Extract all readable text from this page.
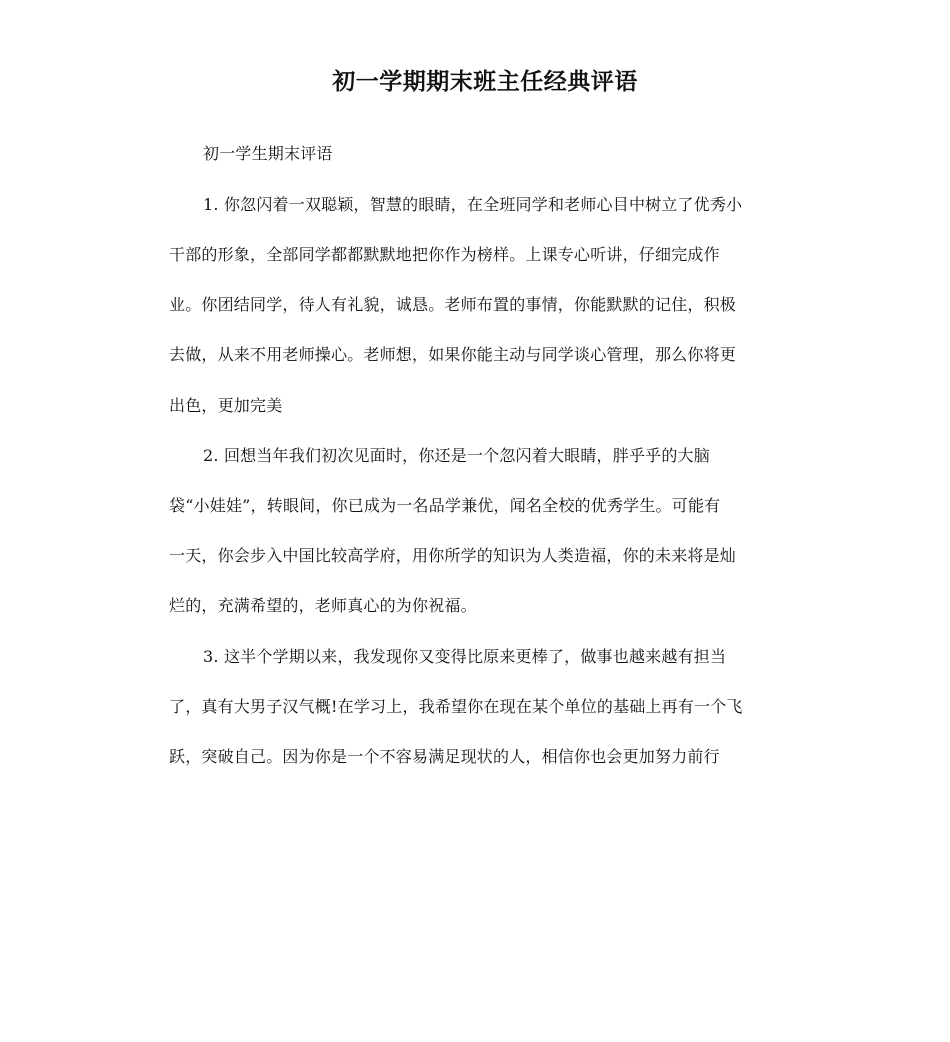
初一学期期末班主任经典评语
初一学生期末评语
1. 你忽闪着一双聪颖，智慧的眼睛，在全班同学和老师心目中树立了优秀小
干部的形象，全部同学都都默默地把你作为榜样。上课专心听讲，仔细完成作
业。你团结同学，待人有礼貌，诚恳。老师布置的事情，你能默默的记住，积极
去做，从来不用老师操心。老师想，如果你能主动与同学谈心管理，那么你将更
出色，更加完美
2. 回想当年我们初次见面时，你还是一个忽闪着大眼睛，胖乎乎的大脑
袋“小娃娃”，转眼间，你已成为一名品学兼优，闻名全校的优秀学生。可能有
一天，你会步入中国比较高学府，用你所学的知识为人类造福，你的未来将是灿
烂的，充满希望的，老师真心的为你祝福。
3. 这半个学期以来，我发现你又变得比原来更棒了，做事也越来越有担当
了，真有大男子汉气概!在学习上，我希望你在现在某个单位的基础上再有一个飞
跃，突破自己。因为你是一个不容易满足现状的人，相信你也会更加努力前行
